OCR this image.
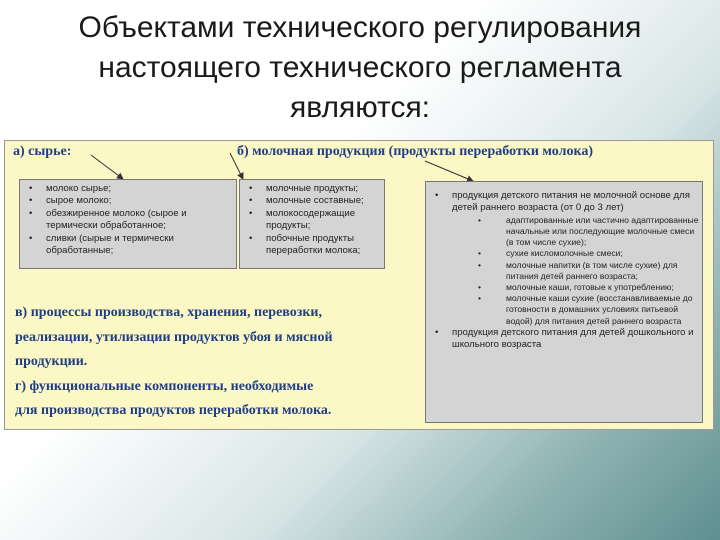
Объектами технического регулирования
настоящего технического регламента
являются:
а) сырье:	б) молочная продукция (продукты переработки молока)
• молоко сырье;
• сырое молоко;
• обезжиренное молоко (сырое и термически обработанное;
• сливки (сырые и термически обработанные;
• молочные продукты;
• молочные составные;
• молокосодержащие продукты;
• побочные продукты переработки молока;
• продукция детского питания не молочной основе для детей раннего возраста (от 0 до 3 лет)
• адаптированные или частично адаптированные начальные или последующие молочные смеси (в том числе сухие);
• сухие кисломолочные смеси;
• молочные напитки (в том числе сухие) для питания детей раннего возраста;
• молочные каши, готовые к употреблению;
• молочные каши сухие (восстанавливаемые до готовности в домашних условиях питьевой водой) для питания детей раннего возраста
• продукция детского питания для детей дошкольного и школьного возраста
в) процессы производства, хранения, перевозки,
реализации, утилизации продуктов убоя и мясной
продукции.
г) функциональные компоненты, необходимые
для производства продуктов переработки молока.
